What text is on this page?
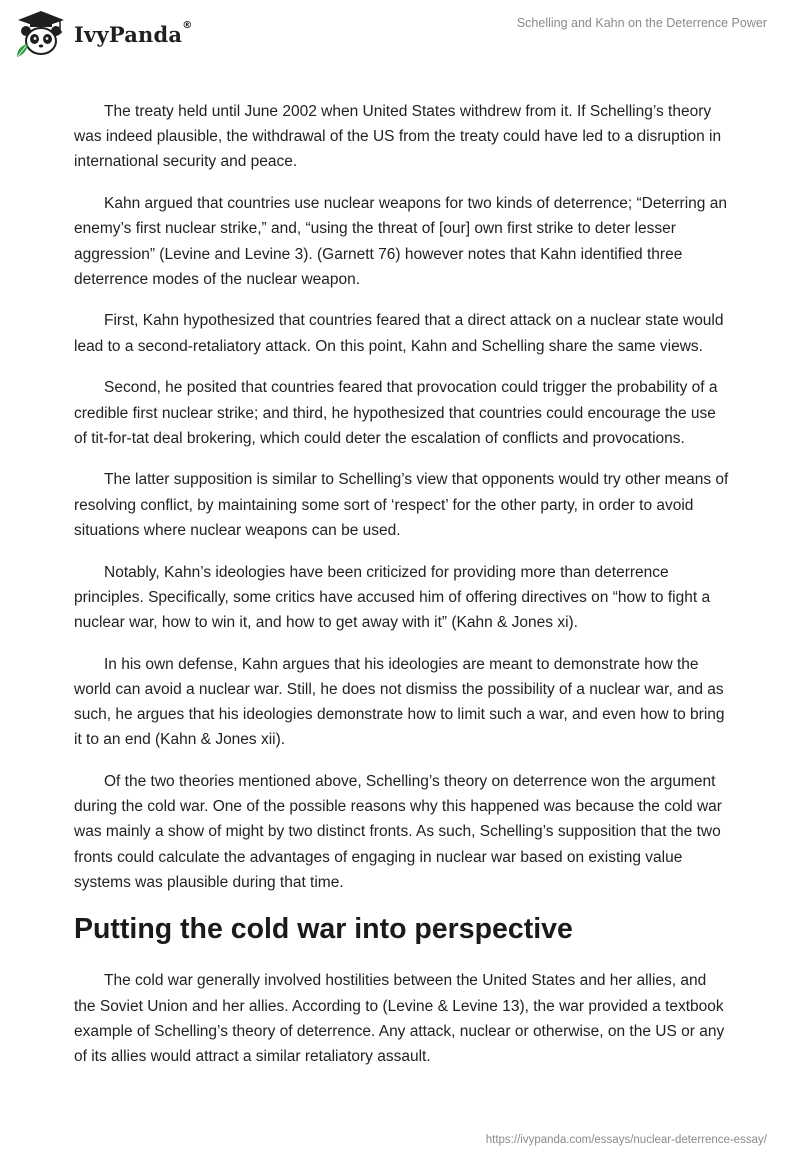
IvyPanda®	Schelling and Kahn on the Deterrence Power

The treaty held until June 2002 when United States withdrew from it. If Schelling’s theory was indeed plausible, the withdrawal of the US from the treaty could have led to a disruption in international security and peace.

Kahn argued that countries use nuclear weapons for two kinds of deterrence; “Deterring an enemy’s first nuclear strike,” and, “using the threat of [our] own first strike to deter lesser aggression” (Levine and Levine 3). (Garnett 76) however notes that Kahn identified three deterrence modes of the nuclear weapon.

First, Kahn hypothesized that countries feared that a direct attack on a nuclear state would lead to a second-retaliatory attack. On this point, Kahn and Schelling share the same views.

Second, he posited that countries feared that provocation could trigger the probability of a credible first nuclear strike; and third, he hypothesized that countries could encourage the use of tit-for-tat deal brokering, which could deter the escalation of conflicts and provocations.

The latter supposition is similar to Schelling’s view that opponents would try other means of resolving conflict, by maintaining some sort of ‘respect’ for the other party, in order to avoid situations where nuclear weapons can be used.

Notably, Kahn’s ideologies have been criticized for providing more than deterrence principles. Specifically, some critics have accused him of offering directives on “how to fight a nuclear war, how to win it, and how to get away with it” (Kahn & Jones xi).

In his own defense, Kahn argues that his ideologies are meant to demonstrate how the world can avoid a nuclear war. Still, he does not dismiss the possibility of a nuclear war, and as such, he argues that his ideologies demonstrate how to limit such a war, and even how to bring it to an end (Kahn & Jones xii).

Of the two theories mentioned above, Schelling’s theory on deterrence won the argument during the cold war. One of the possible reasons why this happened was because the cold war was mainly a show of might by two distinct fronts. As such, Schelling’s supposition that the two fronts could calculate the advantages of engaging in nuclear war based on existing value systems was plausible during that time.

Putting the cold war into perspective

The cold war generally involved hostilities between the United States and her allies, and the Soviet Union and her allies. According to (Levine & Levine 13), the war provided a textbook example of Schelling’s theory of deterrence. Any attack, nuclear or otherwise, on the US or any of its allies would attract a similar retaliatory assault.

https://ivypanda.com/essays/nuclear-deterrence-essay/
